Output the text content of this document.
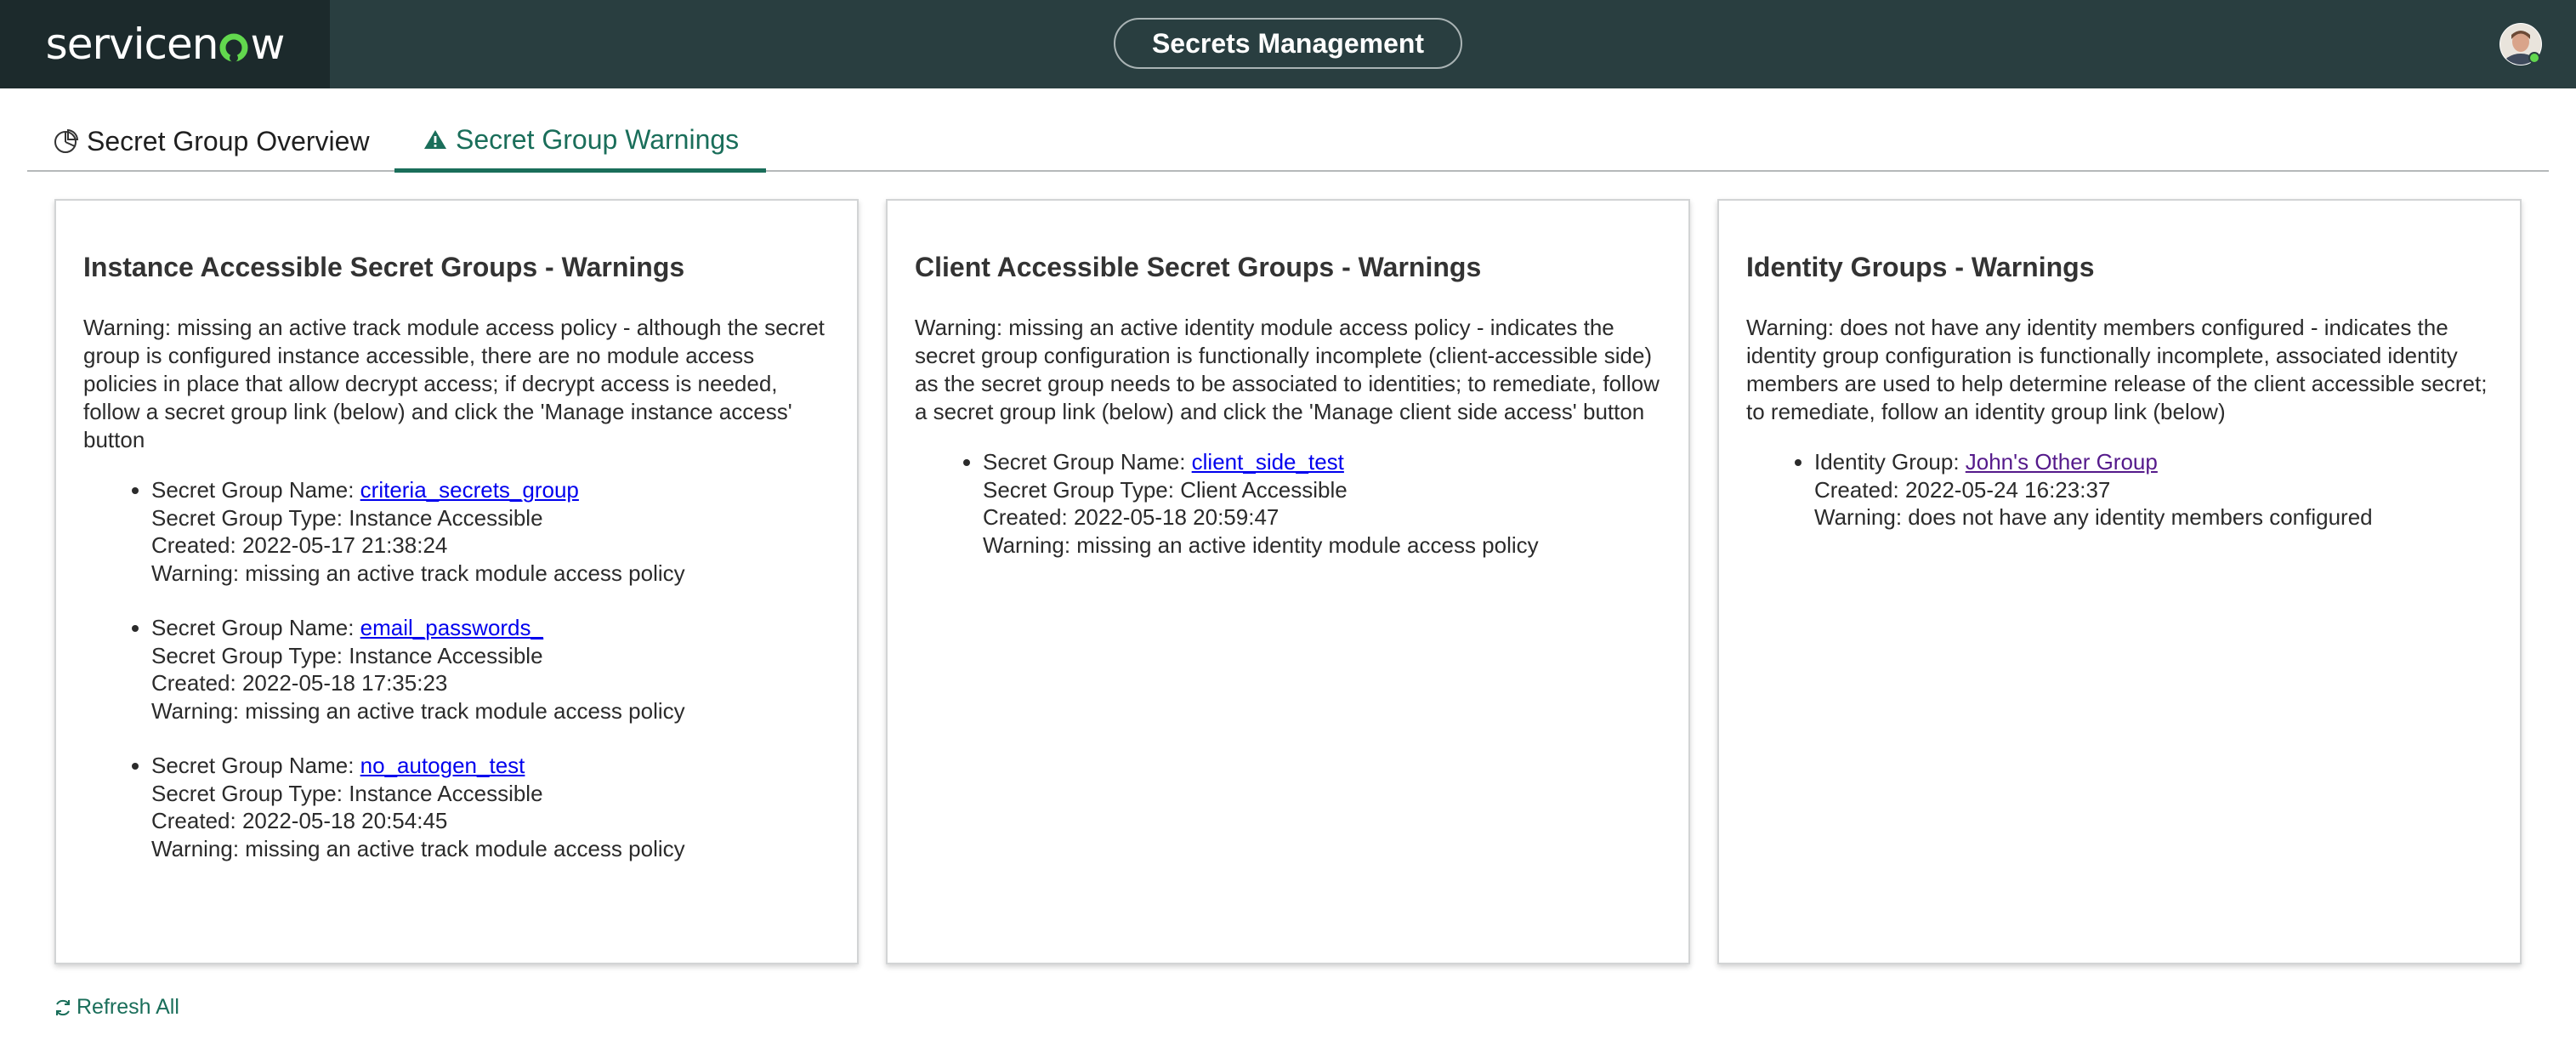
servicen w	Secrets Management
Secret Group Overview	Secret Group Warnings
Instance Accessible Secret Groups - Warnings

Warning: missing an active track module access policy - although the secret group is configured instance accessible, there are no module access policies in place that allow decrypt access; if decrypt access is needed, follow a secret group link (below) and click the 'Manage instance access' button

• Secret Group Name: criteria_secrets_group
Secret Group Type: Instance Accessible
Created: 2022-05-17 21:38:24
Warning: missing an active track module access policy
• Secret Group Name: email_passwords_
Secret Group Type: Instance Accessible
Created: 2022-05-18 17:35:23
Warning: missing an active track module access policy
• Secret Group Name: no_autogen_test
Secret Group Type: Instance Accessible
Created: 2022-05-18 20:54:45
Warning: missing an active track module access policy
Client Accessible Secret Groups - Warnings

Warning: missing an active identity module access policy - indicates the secret group configuration is functionally incomplete (client-accessible side) as the secret group needs to be associated to identities; to remediate, follow a secret group link (below) and click the 'Manage client side access' button

• Secret Group Name: client_side_test
Secret Group Type: Client Accessible
Created: 2022-05-18 20:59:47
Warning: missing an active identity module access policy
Identity Groups - Warnings

Warning: does not have any identity members configured - indicates the identity group configuration is functionally incomplete, associated identity members are used to help determine release of the client accessible secret; to remediate, follow an identity group link (below)

• Identity Group: John's Other Group
Created: 2022-05-24 16:23:37
Warning: does not have any identity members configured
Refresh All
